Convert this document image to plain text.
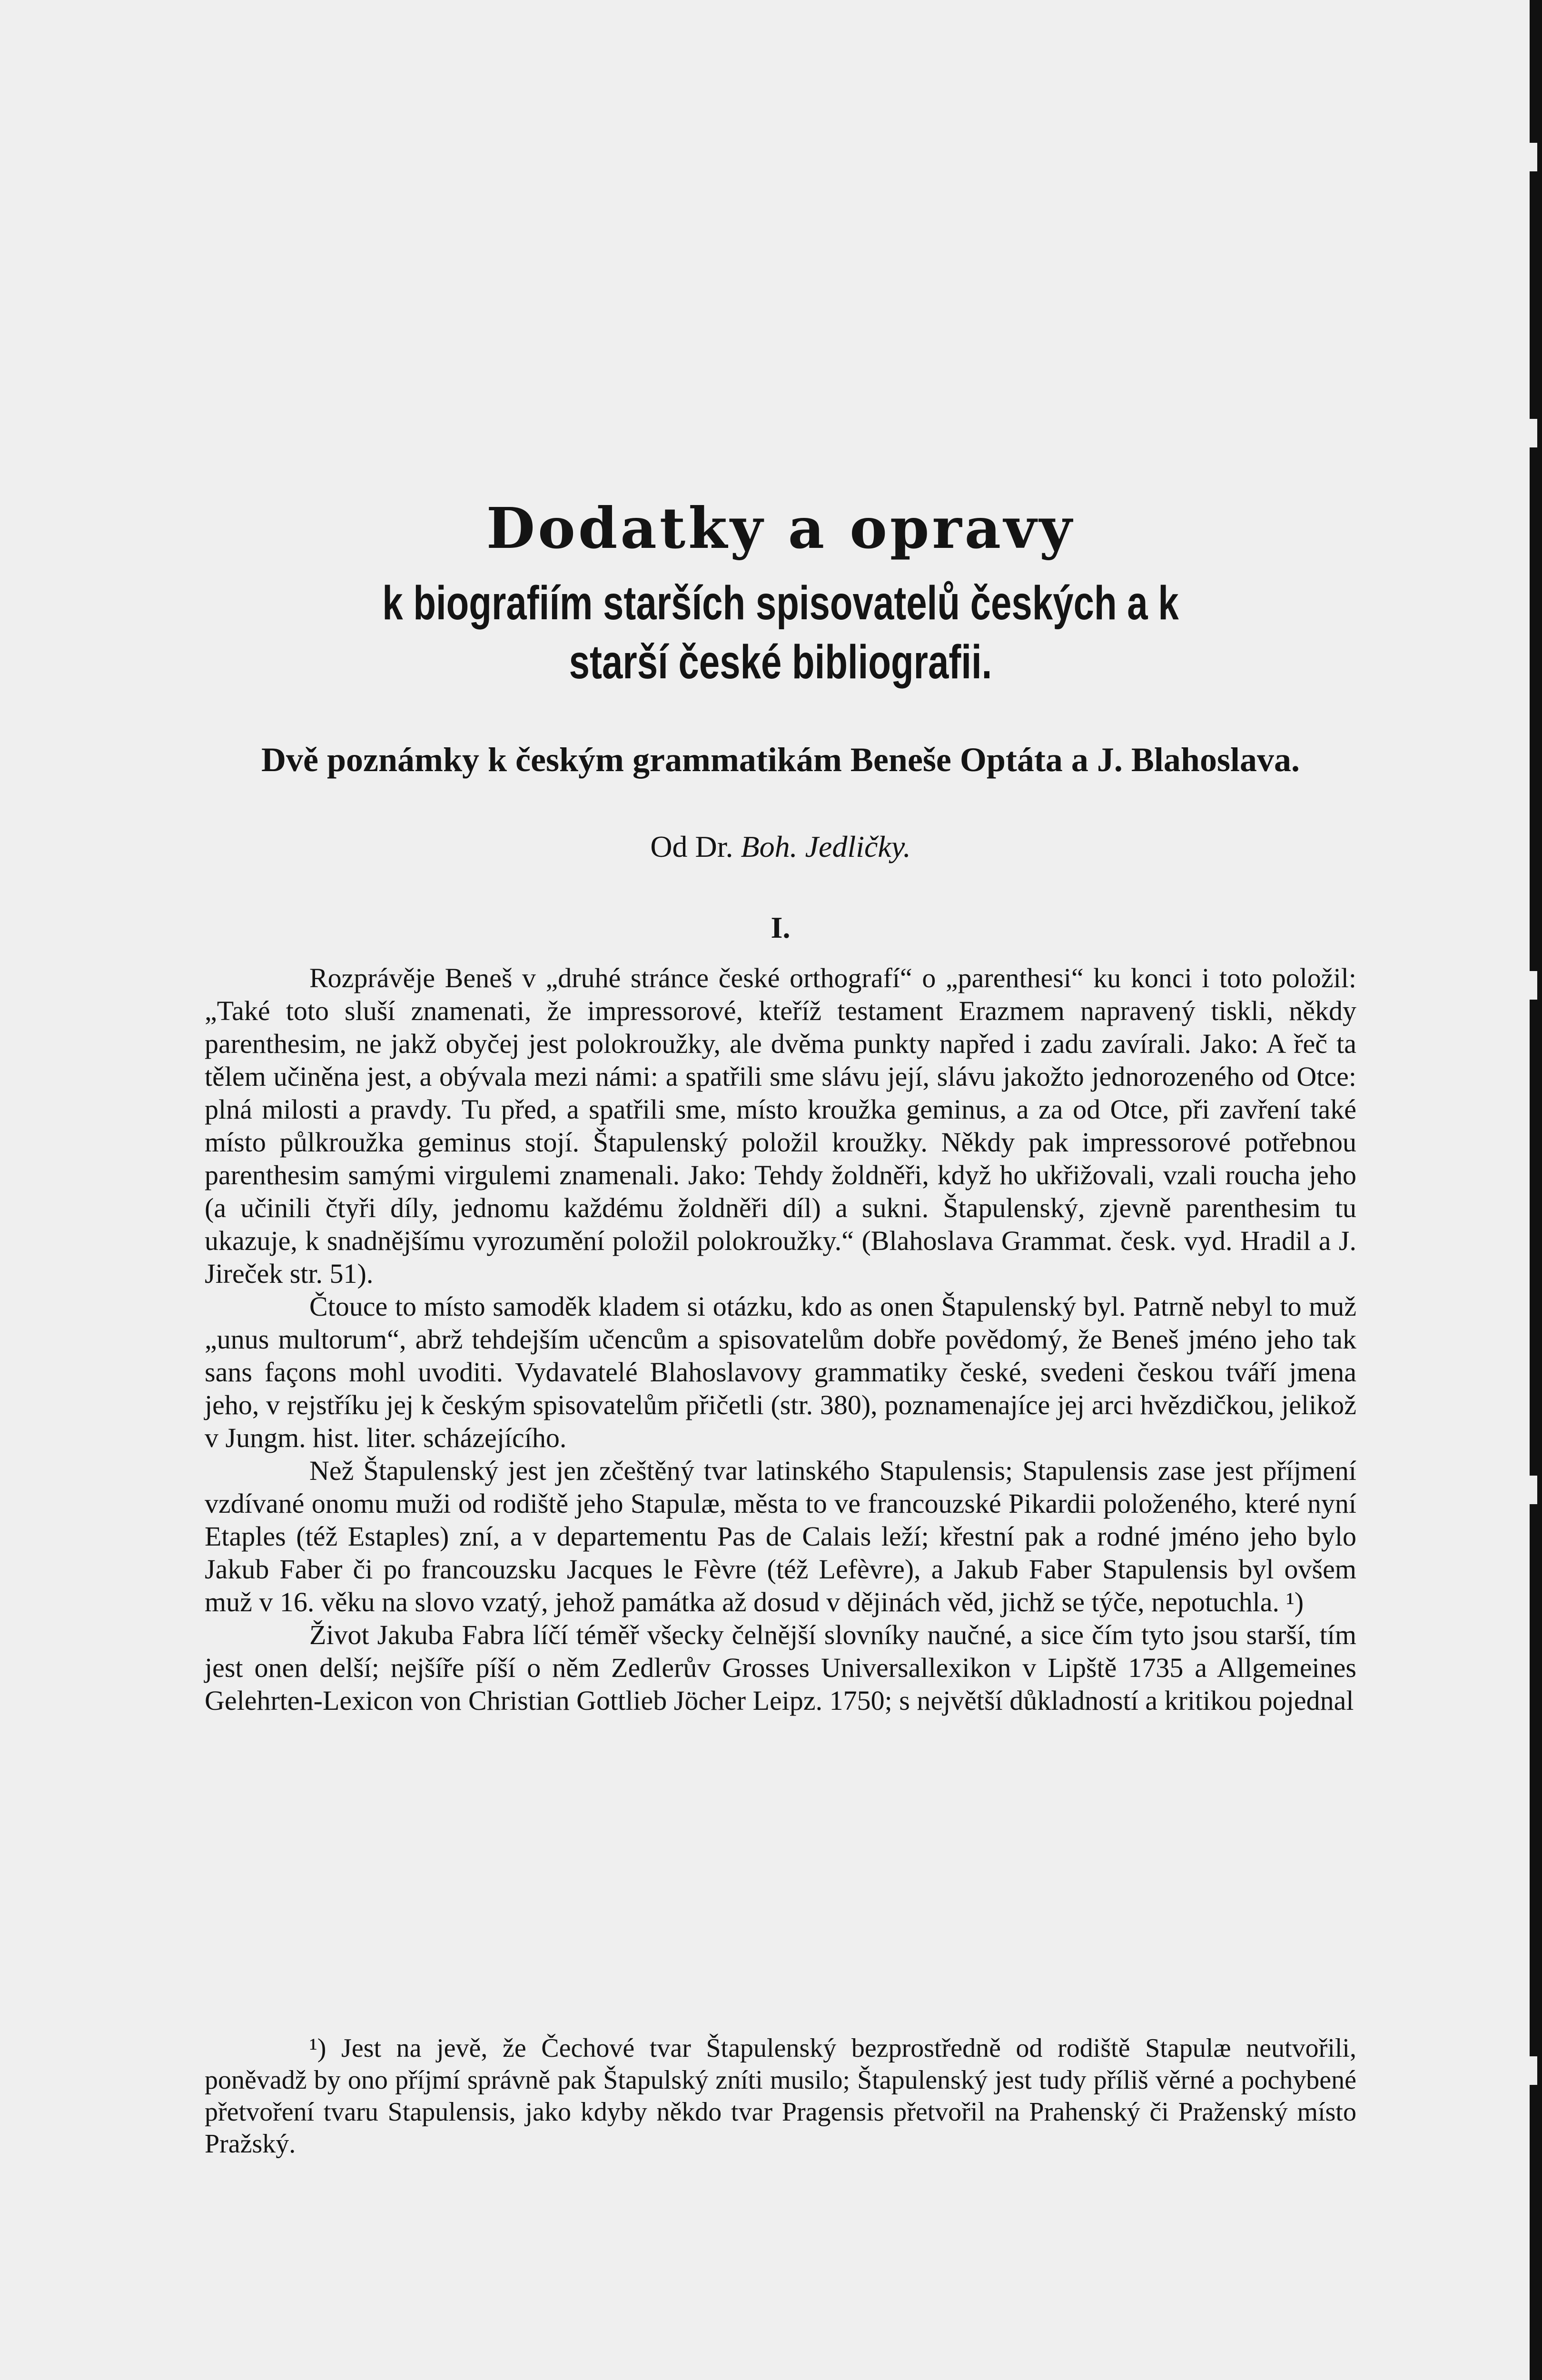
Dodatky a opravy
k biografiím starších spisovatelů českých a k starší české bibliografii.
Dvě poznámky k českým grammatikám Beneše Optáta a J. Blahoslava.
Od Dr. Boh. Jedličky.
I.

Rozprávěje Beneš v „druhé stránce české orthografí“ o „parenthesi“ ku konci i toto položil: „Také toto sluší znamenati, že impressorové, kteříž testament Erazmem napravený tiskli, někdy parenthesim, ne jakž obyčej jest polokroužky, ale dvěma punkty napřed i zadu zavírali. Jako: A řeč ta tělem učiněna jest, a obývala mezi námi: a spatřili sme slávu její, slávu jakožto jednorozeného od Otce: plná milosti a pravdy. Tu před, a spatřili sme, místo kroužka geminus, a za od Otce, při zavření také místo půlkroužka geminus stojí. Štapulenský položil kroužky. Někdy pak impressorové potřebnou parenthesim samými virgulemi znamenali. Jako: Tehdy žoldněři, když ho ukřižovali, vzali roucha jeho (a učinili čtyři díly, jednomu každému žoldněři díl) a sukni. Štapulenský, zjevně parenthesim tu ukazuje, k snadnějšímu vyrozumění položil polokroužky.“ (Blahoslava Grammat. česk. vyd. Hradil a J. Jireček str. 51).

Čtouce to místo samoděk kladem si otázku, kdo as onen Štapulenský byl. Patrně nebyl to muž „unus multorum“, abrž tehdejším učencům a spisovatelům dobře povědomý, že Beneš jméno jeho tak sans façons mohl uvoditi. Vydavatelé Blahoslavovy grammatiky české, svedeni českou tváří jmena jeho, v rejstříku jej k českým spisovatelům přičetli (str. 380), poznamenajíce jej arci hvězdičkou, jelikož v Jungm. hist. liter. scházejícího.

Než Štapulenský jest jen zčeštěný tvar latinského Stapulensis; Stapulensis zase jest příjmení vzdívané onomu muži od rodiště jeho Stapulæ, města to ve francouzské Pikardii položeného, které nyní Etaples (též Estaples) zní, a v departementu Pas de Calais leží; křestní pak a rodné jméno jeho bylo Jakub Faber či po francouzsku Jacques le Fèvre (též Lefèvre), a Jakub Faber Stapulensis byl ovšem muž v 16. věku na slovo vzatý, jehož památka až dosud v dějinách věd, jichž se týče, nepotuchla. ¹)

Život Jakuba Fabra líčí téměř všecky čelnější slovníky naučné, a sice čím tyto jsou starší, tím jest onen delší; nejšíře píší o něm Zedlerův Grosses Universallexikon v Lipště 1735 a Allgemeines Gelehrten-Lexicon von Christian Gottlieb Jöcher Leipz. 1750; s největší důkladností a kritikou pojednal

¹) Jest na jevě, že Čechové tvar Štapulenský bezprostředně od rodiště Stapulæ neutvořili, poněvadž by ono příjmí správně pak Štapulský zníti musilo; Štapulenský jest tudy příliš věrné a pochybené přetvoření tvaru Stapulensis, jako kdyby někdo tvar Pragensis přetvořil na Prahenský či Praženský místo Pražský.
